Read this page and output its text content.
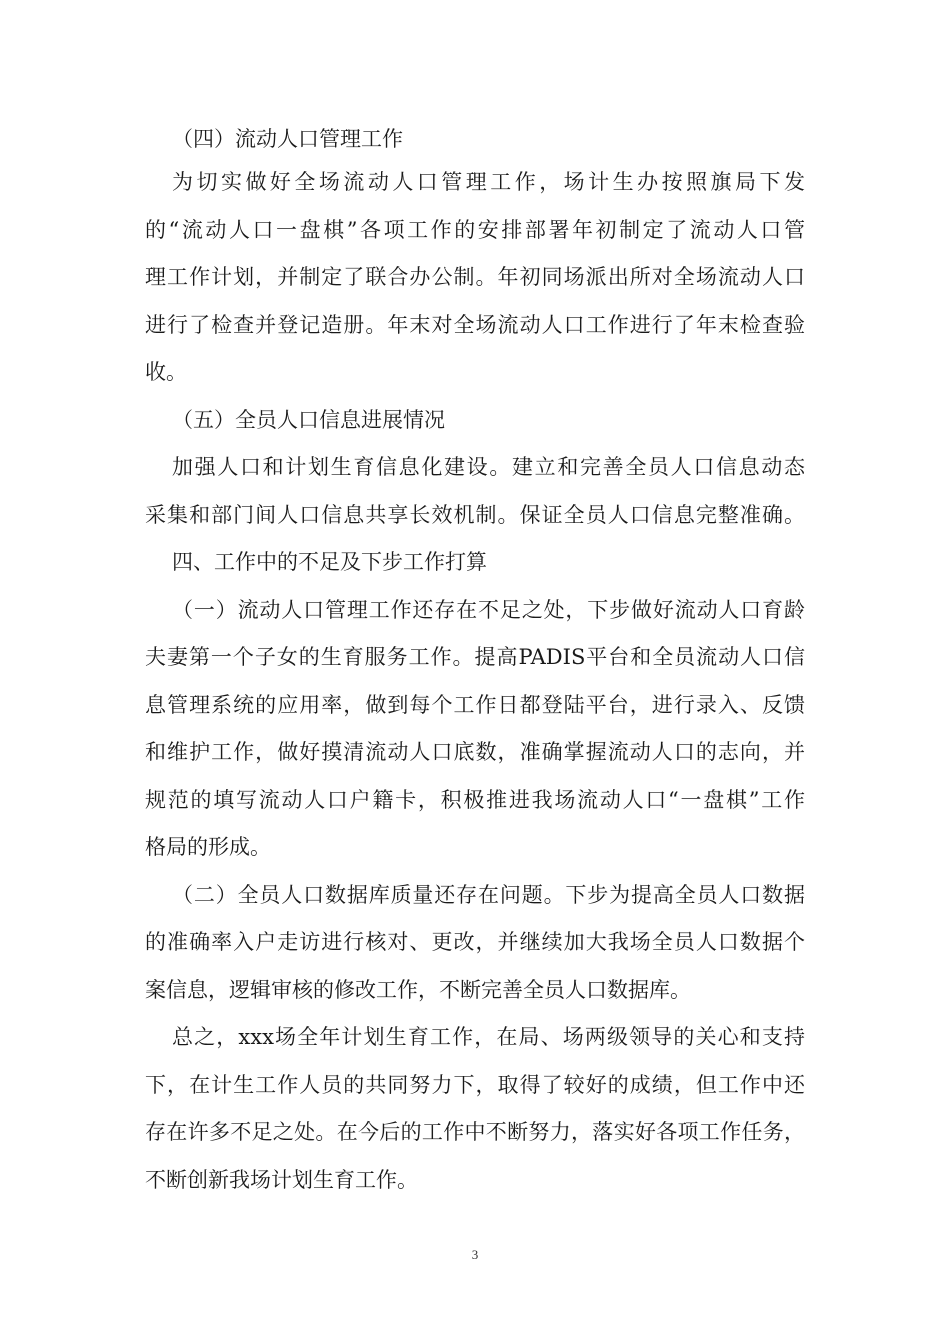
（四）流动人口管理工作
为切实做好全场流动人口管理工作，场计生办按照旗局下发
的“流动人口一盘棋”各项工作的安排部署年初制定了流动人口管
理工作计划，并制定了联合办公制。年初同场派出所对全场流动人口
进行了检查并登记造册。年末对全场流动人口工作进行了年末检查验
收。
（五）全员人口信息进展情况
加强人口和计划生育信息化建设。建立和完善全员人口信息动态
采集和部门间人口信息共享长效机制。保证全员人口信息完整准确。
四、工作中的不足及下步工作打算
（一）流动人口管理工作还存在不足之处，下步做好流动人口育龄
夫妻第一个子女的生育服务工作。提高PADIS平台和全员流动人口信
息管理系统的应用率，做到每个工作日都登陆平台，进行录入、反馈
和维护工作，做好摸清流动人口底数，准确掌握流动人口的志向，并
规范的填写流动人口户籍卡，积极推进我场流动人口“一盘棋”工作
格局的形成。
（二）全员人口数据库质量还存在问题。下步为提高全员人口数据
的准确率入户走访进行核对、更改，并继续加大我场全员人口数据个
案信息，逻辑审核的修改工作，不断完善全员人口数据库。
总之，xxx场全年计划生育工作，在局、场两级领导的关心和支持
下，在计生工作人员的共同努力下，取得了较好的成绩，但工作中还
存在许多不足之处。在今后的工作中不断努力，落实好各项工作任务，
不断创新我场计划生育工作。
3
